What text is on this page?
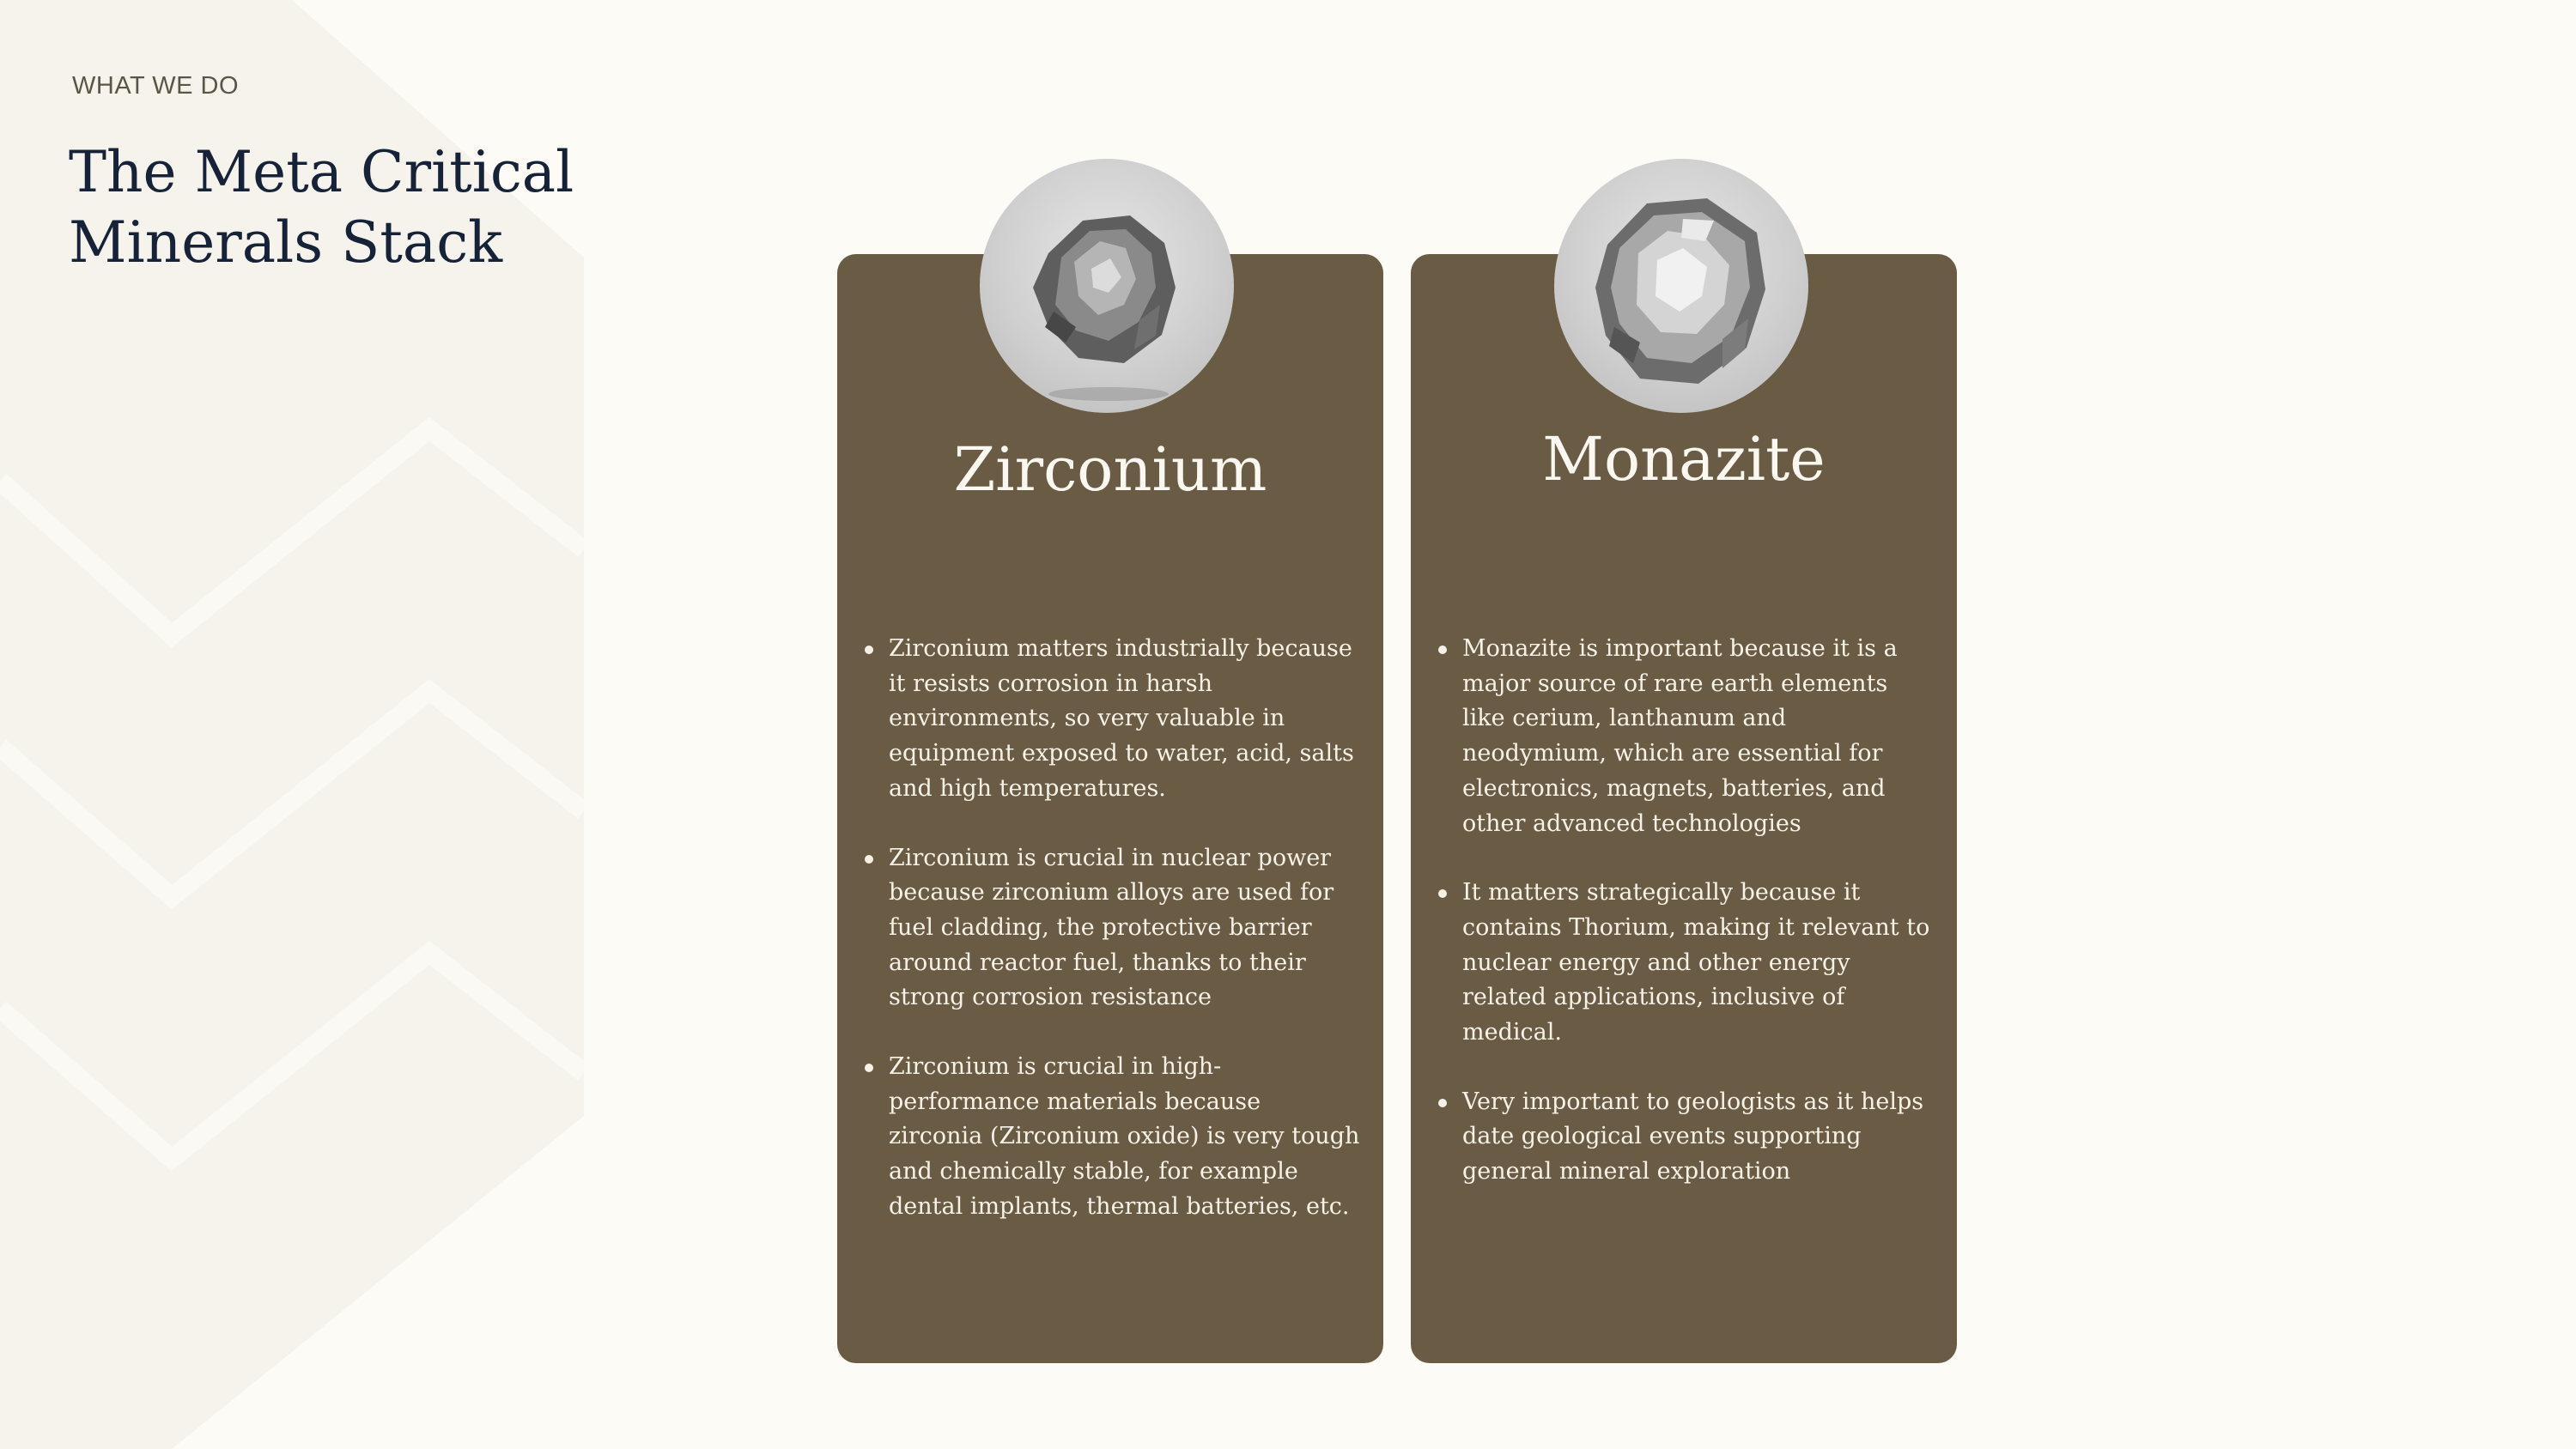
WHAT WE DO

The Meta Critical Minerals Stack
Zirconium
Zirconium matters industrially because it resists corrosion in harsh environments, so very valuable in equipment exposed to water, acid, salts and high temperatures.
Zirconium is crucial in nuclear power because zirconium alloys are used for fuel cladding, the protective barrier around reactor fuel, thanks to their strong corrosion resistance
Zirconium is crucial in high-performance materials because zirconia (Zirconium oxide) is very tough and chemically stable, for example dental implants, thermal batteries, etc.
Monazite
Monazite is important because it is a major source of rare earth elements like cerium, lanthanum and neodymium, which are essential for electronics, magnets, batteries, and other advanced technologies
It matters strategically because it contains Thorium, making it relevant to nuclear energy and other energy related applications, inclusive of medical.
Very important to geologists as it helps date geological events supporting general mineral exploration
